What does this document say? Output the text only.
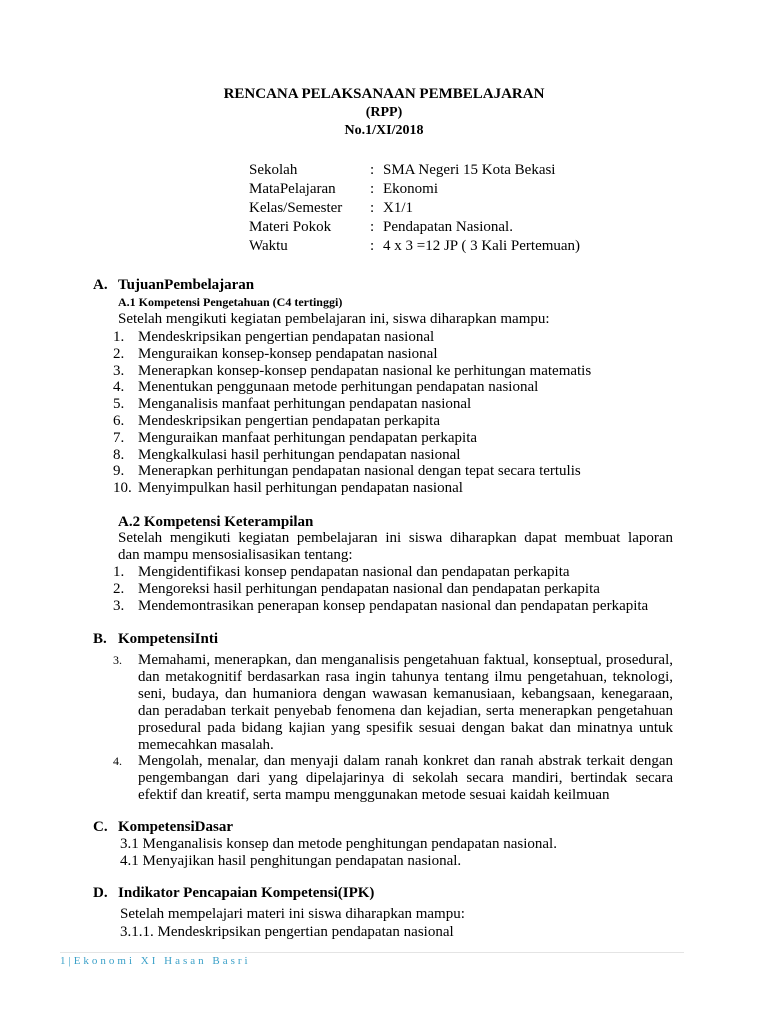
RENCANA PELAKSANAAN PEMBELAJARAN
(RPP)
No.1/XI/2018
Sekolah	: SMA Negeri 15 Kota Bekasi
MataPelajaran : Ekonomi
Kelas/Semester : X1/1
Materi Pokok	: Pendapatan Nasional.
Waktu	: 4 x 3 =12 JP ( 3 Kali Pertemuan)
A. TujuanPembelajaran
A.1 Kompetensi Pengetahuan (C4 tertinggi)
Setelah mengikuti kegiatan pembelajaran ini, siswa diharapkan mampu:
1. Mendeskripsikan pengertian pendapatan nasional
2. Menguraikan konsep-konsep pendapatan nasional
3. Menerapkan konsep-konsep pendapatan nasional ke perhitungan matematis
4. Menentukan penggunaan metode perhitungan pendapatan nasional
5. Menganalisis manfaat perhitungan pendapatan nasional
6. Mendeskripsikan pengertian pendapatan perkapita
7. Menguraikan manfaat perhitungan pendapatan perkapita
8. Mengkalkulasi hasil perhitungan pendapatan nasional
9. Menerapkan perhitungan pendapatan nasional dengan tepat secara tertulis
10. Menyimpulkan hasil perhitungan pendapatan nasional
A.2 Kompetensi Keterampilan

Setelah mengikuti kegiatan pembelajaran ini siswa diharapkan dapat membuat laporan

dan mampu mensosialisasikan tentang:
1. Mengidentifikasi konsep pendapatan nasional dan pendapatan perkapita
2. Mengoreksi hasil perhitungan pendapatan nasional dan pendapatan perkapita
3. Mendemontrasikan penerapan konsep pendapatan nasional dan pendapatan perkapita
B. KompetensiInti
3. Memahami, menerapkan, dan menganalisis pengetahuan faktual, konseptual, prosedural, dan metakognitif berdasarkan rasa ingin tahunya tentang ilmu pengetahuan, teknologi, seni, budaya, dan humaniora dengan wawasan kemanusiaan, kebangsaan, kenegaraan, dan peradaban terkait penyebab fenomena dan kejadian, serta menerapkan pengetahuan prosedural pada bidang kajian yang spesifik sesuai dengan bakat dan minatnya untuk memecahkan masalah.

4. Mengolah, menalar, dan menyaji dalam ranah konkret dan ranah abstrak terkait dengan pengembangan dari yang dipelajarinya di sekolah secara mandiri, bertindak secara efektif dan kreatif, serta mampu menggunakan metode sesuai kaidah keilmuan

C. KompetensiDasar
3.1 Menganalisis konsep dan metode penghitungan pendapatan nasional.
4.1 Menyajikan hasil penghitungan pendapatan nasional.
D. Indikator Pencapaian Kompetensi(IPK)
Setelah mempelajari materi ini siswa diharapkan mampu:
3.1.1. Mendeskripsikan pengertian pendapatan nasional
1|Ekonomi XI Hasan Basri
